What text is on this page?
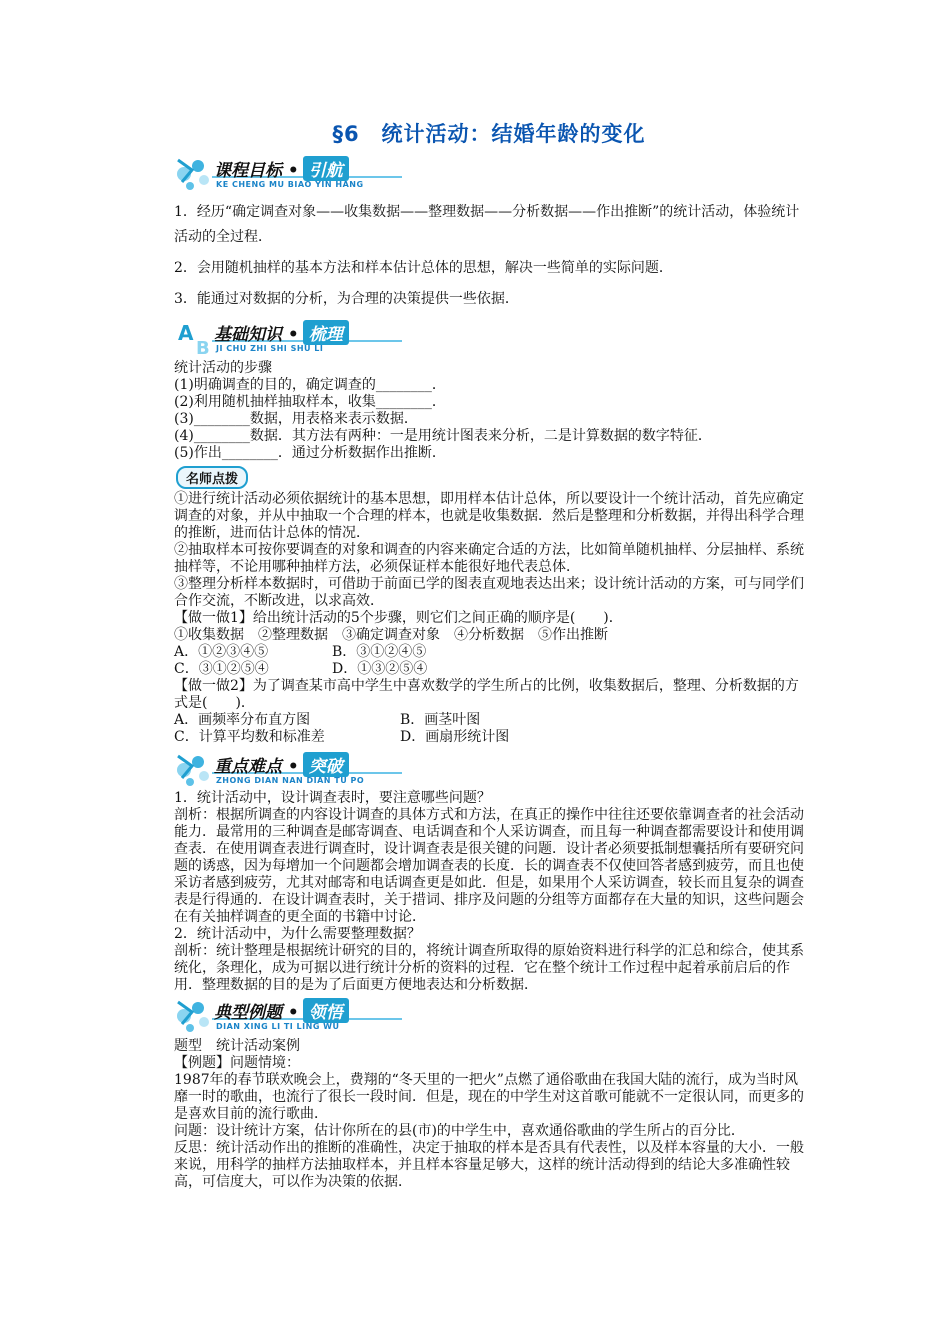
§6　统计活动：结婚年龄的变化
课程目标 • 引航
KE CHENG MU BIAO YIN HANG

1．经历“确定调查对象——收集数据——整理数据——分析数据——作出推断”的统计活动，体验统计活动的全过程．

2．会用随机抽样的基本方法和样本估计总体的思想，解决一些简单的实际问题．

3．能通过对数据的分析，为合理的决策提供一些依据．

A
B
基础知识 • 梳理
JI CHU ZHI SHI SHU LI

统计活动的步骤

(1)明确调查的目的，确定调查的________．

(2)利用随机抽样抽取样本，收集________．

(3)________数据，用表格来表示数据．

(4)________数据．其方法有两种：一是用统计图表来分析，二是计算数据的数字特征．

(5)作出________．通过分析数据作出推断．

名师点拨

①进行统计活动必须依据统计的基本思想，即用样本估计总体，所以要设计一个统计活动，首先应确定调查的对象，并从中抽取一个合理的样本，也就是收集数据．然后是整理和分析数据，并得出科学合理的推断，进而估计总体的情况．

②抽取样本可按你要调查的对象和调查的内容来确定合适的方法，比如简单随机抽样、分层抽样、系统抽样等，不论用哪种抽样方法，必须保证样本能很好地代表总体．

③整理分析样本数据时，可借助于前面已学的图表直观地表达出来；设计统计活动的方案，可与同学们合作交流，不断改进，以求高效．

【做一做1】给出统计活动的5个步骤，则它们之间正确的顺序是(　　)．

①收集数据　②整理数据　③确定调查对象　④分析数据　⑤作出推断

A．①②③④⑤	B．③①②④⑤

C．③①②⑤④	D．①③②⑤④

【做一做2】为了调查某市高中学生中喜欢数学的学生所占的比例，收集数据后，整理、分析数据的方式是(　　)．

A．画频率分布直方图	B．画茎叶图

C．计算平均数和标准差	D．画扇形统计图

重点难点 • 突破
ZHONG DIAN NAN DIAN TU PO

1．统计活动中，设计调查表时，要注意哪些问题？

剖析：根据所调查的内容设计调查的具体方式和方法，在真正的操作中往往还要依靠调查者的社会活动能力．最常用的三种调查是邮寄调查、电话调查和个人采访调查，而且每一种调查都需要设计和使用调查表．在使用调查表进行调查时，设计调查表是很关键的问题．设计者必须要抵制想囊括所有要研究问题的诱惑，因为每增加一个问题都会增加调查表的长度．长的调查表不仅使回答者感到疲劳，而且也使采访者感到疲劳，尤其对邮寄和电话调查更是如此．但是，如果用个人采访调查，较长而且复杂的调查表是行得通的．在设计调查表时，关于措词、排序及问题的分组等方面都存在大量的知识，这些问题会在有关抽样调查的更全面的书籍中讨论．

2．统计活动中，为什么需要整理数据？

剖析：统计整理是根据统计研究的目的，将统计调查所取得的原始资料进行科学的汇总和综合，使其系统化，条理化，成为可据以进行统计分析的资料的过程．它在整个统计工作过程中起着承前启后的作用．整理数据的目的是为了后面更方便地表达和分析数据．

典型例题 • 领悟
DIAN XING LI TI LING WU

题型　统计活动案例

【例题】问题情境：

1987年的春节联欢晚会上，费翔的“冬天里的一把火”点燃了通俗歌曲在我国大陆的流行，成为当时风靡一时的歌曲，也流行了很长一段时间．但是，现在的中学生对这首歌可能就不一定很认同，而更多的是喜欢目前的流行歌曲．

问题：设计统计方案，估计你所在的县(市)的中学生中，喜欢通俗歌曲的学生所占的百分比．

反思：统计活动作出的推断的准确性，决定于抽取的样本是否具有代表性，以及样本容量的大小．一般来说，用科学的抽样方法抽取样本，并且样本容量足够大，这样的统计活动得到的结论大多准确性较高，可信度大，可以作为决策的依据．
